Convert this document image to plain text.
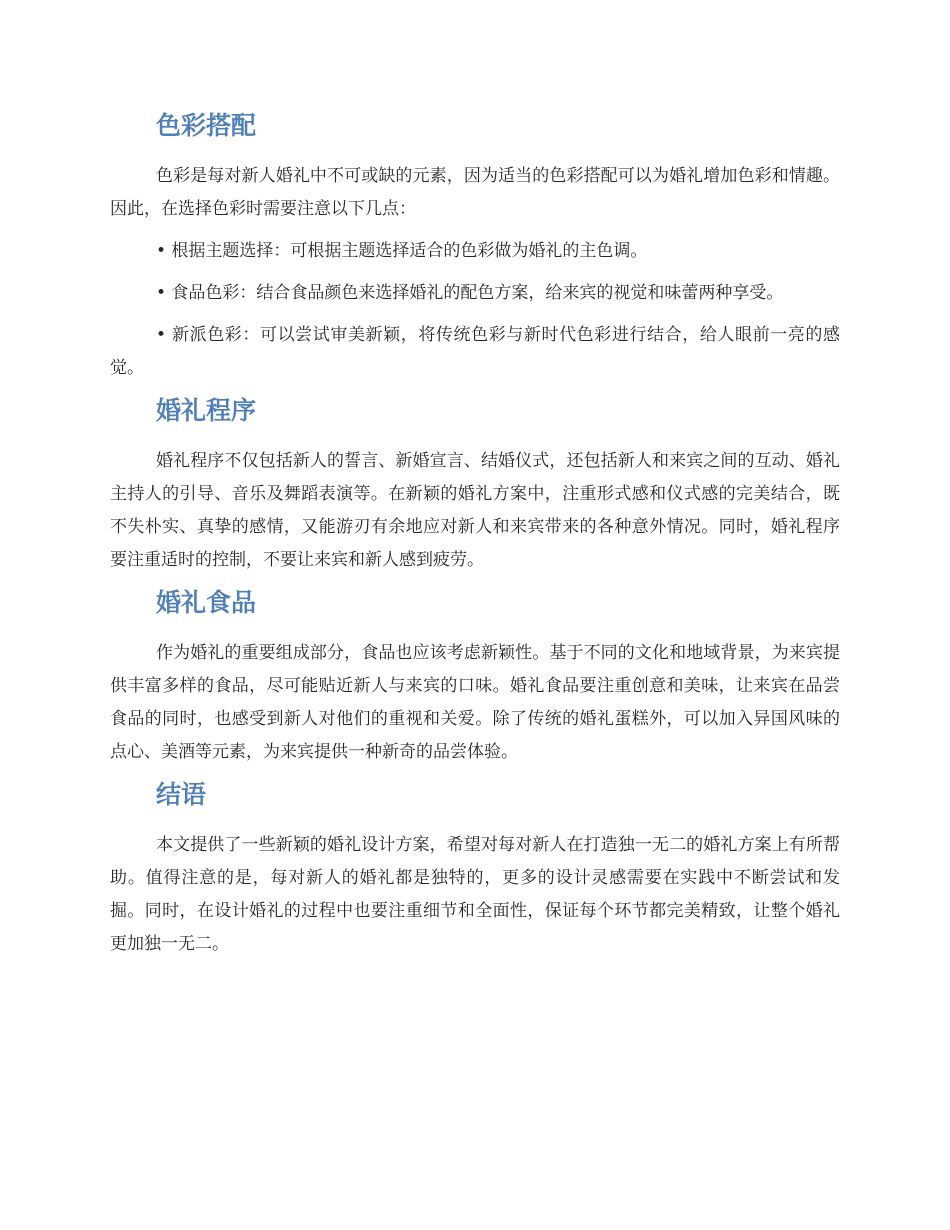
色彩搭配

色彩是每对新人婚礼中不可或缺的元素，因为适当的色彩搭配可以为婚礼增加色彩和情趣。因此，在选择色彩时需要注意以下几点：

• 根据主题选择：可根据主题选择适合的色彩做为婚礼的主色调。

• 食品色彩：结合食品颜色来选择婚礼的配色方案，给来宾的视觉和味蕾两种享受。

• 新派色彩：可以尝试审美新颖，将传统色彩与新时代色彩进行结合，给人眼前一亮的感觉。

婚礼程序

婚礼程序不仅包括新人的誓言、新婚宣言、结婚仪式，还包括新人和来宾之间的互动、婚礼主持人的引导、音乐及舞蹈表演等。在新颖的婚礼方案中，注重形式感和仪式感的完美结合，既不失朴实、真挚的感情，又能游刃有余地应对新人和来宾带来的各种意外情况。同时，婚礼程序要注重适时的控制，不要让来宾和新人感到疲劳。

婚礼食品

作为婚礼的重要组成部分，食品也应该考虑新颖性。基于不同的文化和地域背景，为来宾提供丰富多样的食品，尽可能贴近新人与来宾的口味。婚礼食品要注重创意和美味，让来宾在品尝食品的同时，也感受到新人对他们的重视和关爱。除了传统的婚礼蛋糕外，可以加入异国风味的点心、美酒等元素，为来宾提供一种新奇的品尝体验。

结语

本文提供了一些新颖的婚礼设计方案，希望对每对新人在打造独一无二的婚礼方案上有所帮助。值得注意的是，每对新人的婚礼都是独特的，更多的设计灵感需要在实践中不断尝试和发掘。同时，在设计婚礼的过程中也要注重细节和全面性，保证每个环节都完美精致，让整个婚礼更加独一无二。
